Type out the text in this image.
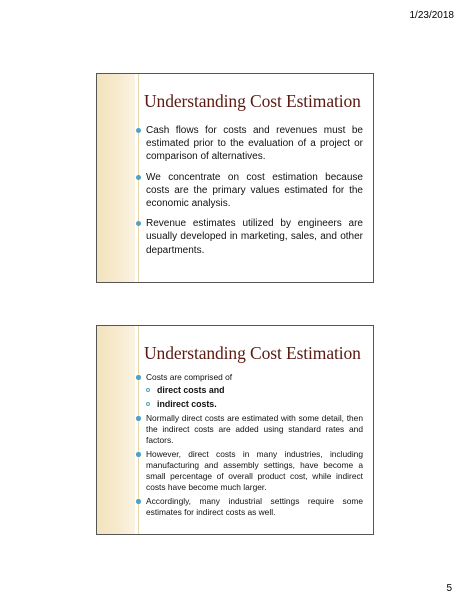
1/23/2018
Understanding Cost Estimation
Cash flows for costs and revenues must be estimated prior to the evaluation of a project or comparison of alternatives.
We concentrate on cost estimation because costs are the primary values estimated for the economic analysis.
Revenue estimates utilized by engineers are usually developed in marketing, sales, and other departments.
Understanding Cost Estimation
Costs are comprised of
direct costs and
indirect costs.
Normally direct costs are estimated with some detail, then the indirect costs are added using standard rates and factors.
However, direct costs in many industries, including manufacturing and assembly settings, have become a small percentage of overall product cost, while indirect costs have become much larger.
Accordingly, many industrial settings require some estimates for indirect costs as well.
5
